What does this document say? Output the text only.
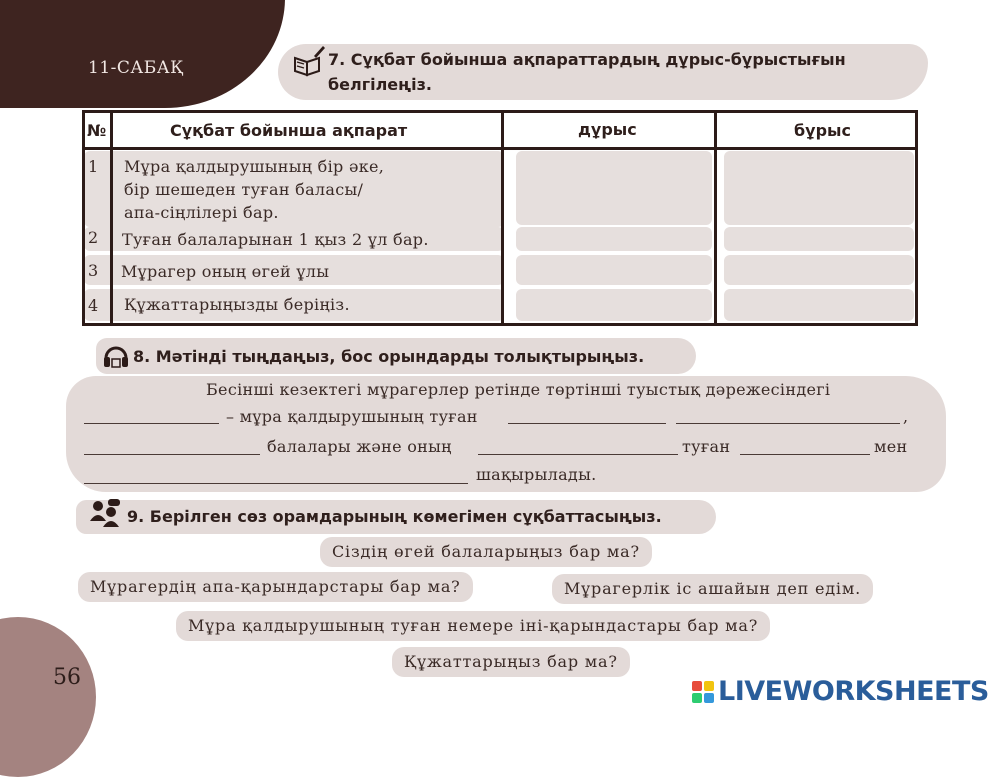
11-САБАҚ	7. Сұқбат бойынша ақпараттардың дұрыс-бұрыстығын
белгілеңіз.
№	Сұқбат бойынша ақпарат	дұрыс	бұрыс
1 Мұра қалдырушының бір әке,
бір шешеден туған баласы/
апа-сіңлілері бар.
2 Туған балаларынан 1 қыз 2 ұл бар.
3 Мұрагер оның өгей ұлы
4 Құжаттарыңызды беріңіз.
8. Мәтінді тыңдаңыз, бос орындарды толықтырыңыз.
Бесінші кезектегі мұрагерлер ретінде төртінші туыстық дәрежесіндегі
– мұра қалдырушының туған	,
балалары және оның	туған	мен
шақырылады.
9. Берілген сөз орамдарының көмегімен сұқбаттасыңыз.
Сіздің өгей балаларыңыз бар ма?
Мұрагердің апа-қарындарстары бар ма?	Мұрагерлік іс ашайын деп едім.
Мұра қалдырушының туған немере іні-қарындастары бар ма?
Құжаттарыңыз бар ма?
56	LIVEWORKSHEETS
